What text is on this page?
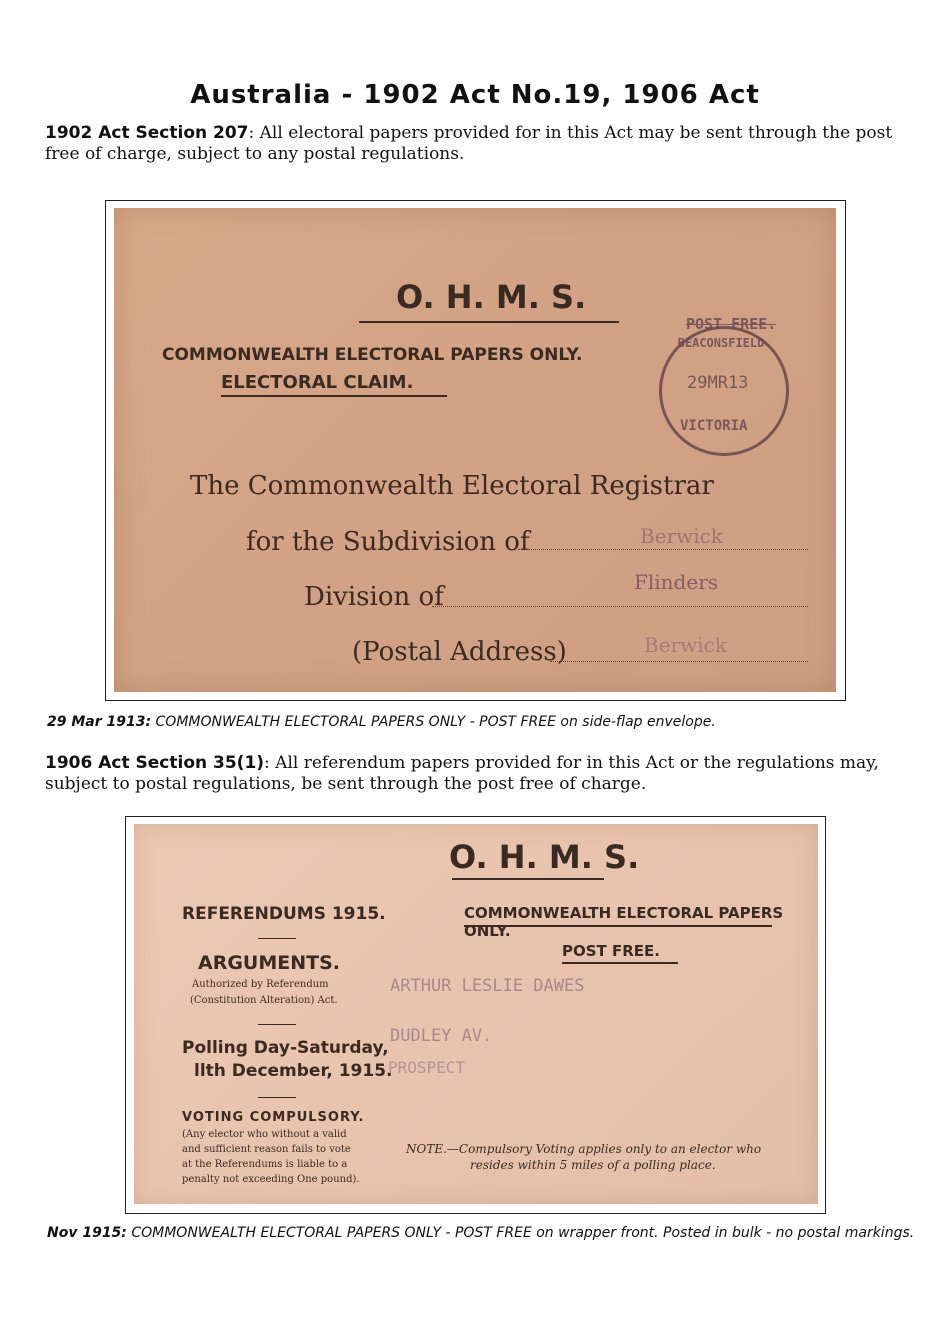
Australia - 1902 Act No.19, 1906 Act
1902 Act Section 207: All electoral papers provided for in this Act may be sent through the post free of charge, subject to any postal regulations.
O. H. M. S.
COMMONWEALTH ELECTORAL PAPERS ONLY.
ELECTORAL CLAIM.
POST FREE.
BEACONSFIELD
29MR13
VICTORIA
The Commonwealth Electoral Registrar
for the Subdivision of	Berwick
Division of	Flinders
(Postal Address)	Berwick
29 Mar 1913: COMMONWEALTH ELECTORAL PAPERS ONLY - POST FREE on side-flap envelope.
1906 Act Section 35(1): All referendum papers provided for in this Act or the regulations may, subject to postal regulations, be sent through the post free of charge.
O. H. M. S.
REFERENDUMS 1915.
ARGUMENTS.
Authorized by Referendum
(Constitution Alteration) Act.
Polling Day-Saturday,
llth December, 1915.
VOTING COMPULSORY.
(Any elector who without a valid
and sufficient reason fails to vote
at the Referendums is liable to a
penalty not exceeding One pound).
COMMONWEALTH ELECTORAL PAPERS ONLY.
POST FREE.
ARTHUR LESLIE DAWES
DUDLEY AV.
PROSPECT
NOTE.—Compulsory Voting applies only to an elector who
resides within 5 miles of a polling place.
Nov 1915: COMMONWEALTH ELECTORAL PAPERS ONLY - POST FREE on wrapper front. Posted in bulk - no postal markings.
